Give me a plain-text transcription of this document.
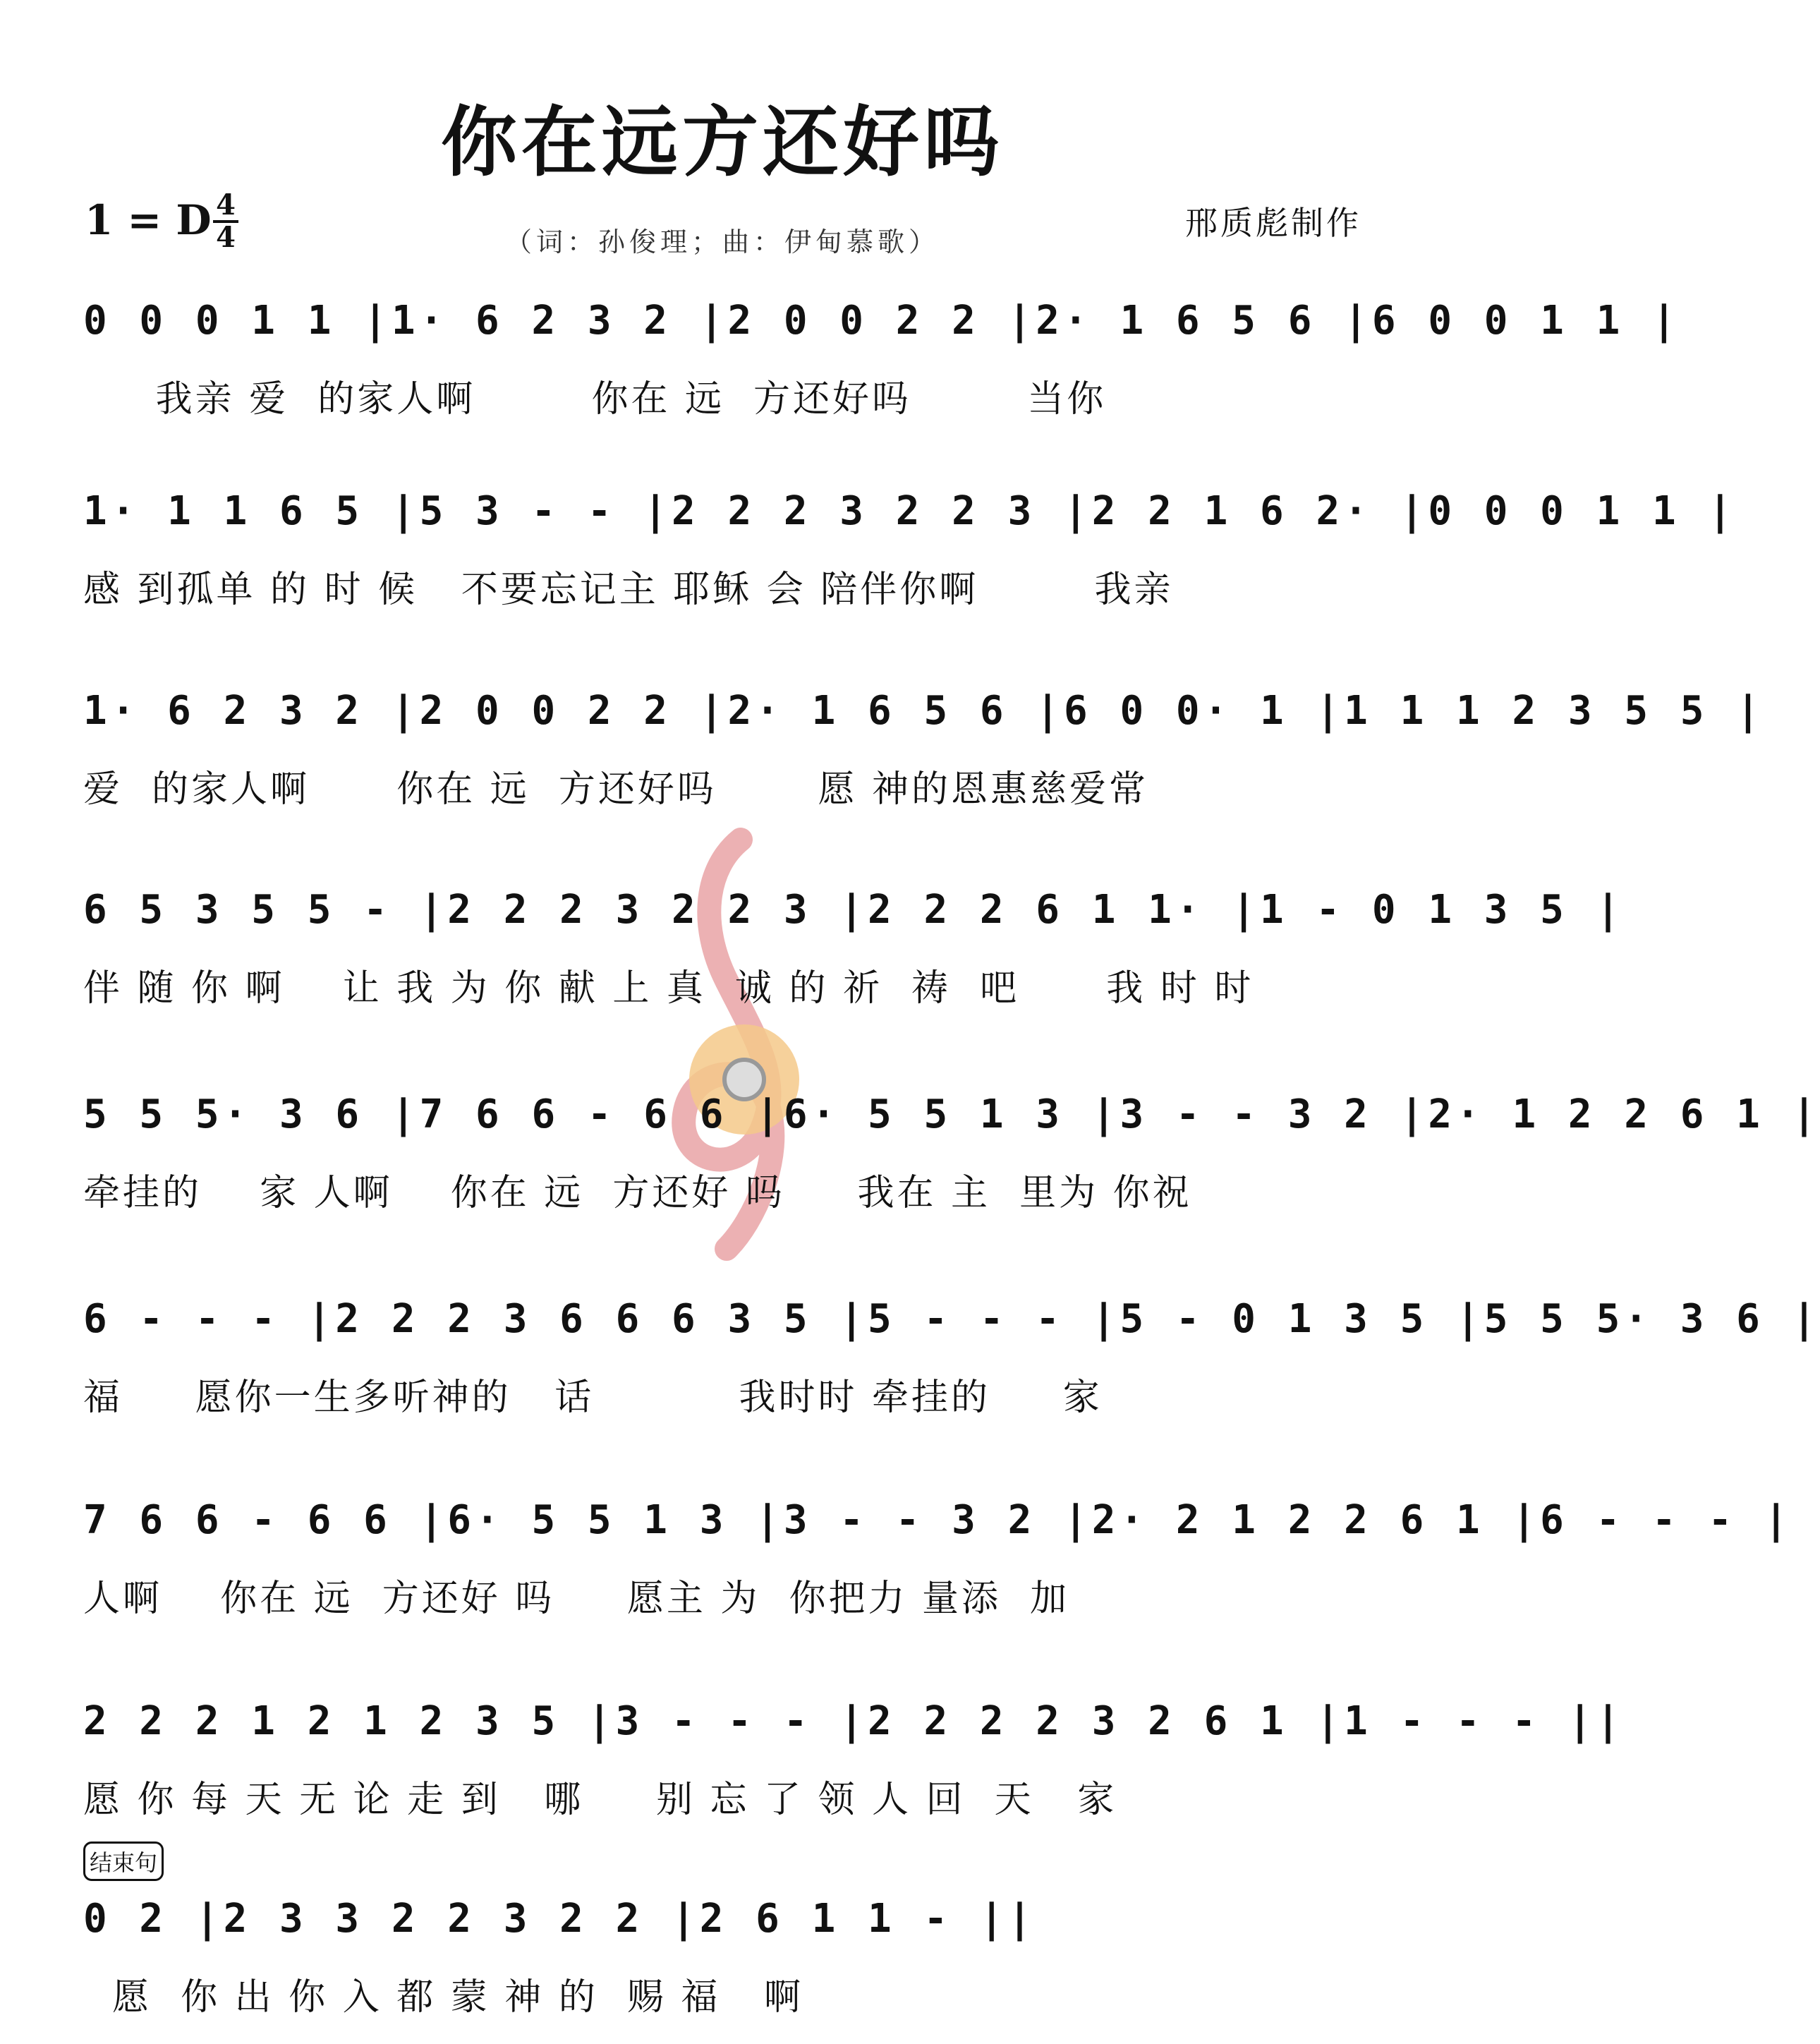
你在远方还好吗
1 = D 4
4	（词：孙俊理；曲：伊甸慕歌）	邢质彪制作
0 0 0 1 1 |1· 6 2 3 2 |2 0 0 2 2 |2· 1 6 5 6 |6 0 0 1 1 |
我亲 爱  的家人啊        你在 远  方还好吗        当你
1· 1 1 6 5 |5 3 - - |2 2 2 3 2 2 3 |2 2 1 6 2· |0 0 0 1 1 |
感 到孤单 的 时 候   不要忘记主 耶稣 会 陪伴你啊        我亲
1· 6 2 3 2 |2 0 0 2 2 |2· 1 6 5 6 |6 0 0· 1 |1 1 1 2 3 5 5 |
爱  的家人啊      你在 远  方还好吗       愿 神的恩惠慈爱常
6 5 3 5 5 - |2 2 2 3 2 2 3 |2 2 2 6 1 1· |1 - 0 1 3 5 |
伴 随 你 啊    让 我 为 你 献 上 真  诚 的 祈  祷  吧      我 时 时
5 5 5· 3 6 |7 6 6 - 6 6 |6· 5 5 1 3 |3 - - 3 2 |2· 1 2 2 6 1 |
牵挂的    家 人啊    你在 远  方还好 吗     我在 主  里为 你祝
6 - - - |2 2 2 3 6 6 6 3 5 |5 - - - |5 - 0 1 3 5 |5 5 5· 3 6 |
福     愿你一生多听神的   话          我时时 牵挂的     家
7 6 6 - 6 6 |6· 5 5 1 3 |3 - - 3 2 |2· 2 1 2 2 6 1 |6 - - - |
人啊    你在 远  方还好 吗     愿主 为  你把力 量添  加
2 2 2 1 2 1 2 3 5 |3 - - - |2 2 2 2 3 2 6 1 |1 - - - ||
愿 你 每 天 无 论 走 到   哪     别 忘 了 领 人 回  天   家
结束句
0 2 |2 3 3 2 2 3 2 2 |2 6 1 1 - ||
愿  你 出 你 入 都 蒙 神 的  赐 福   啊
